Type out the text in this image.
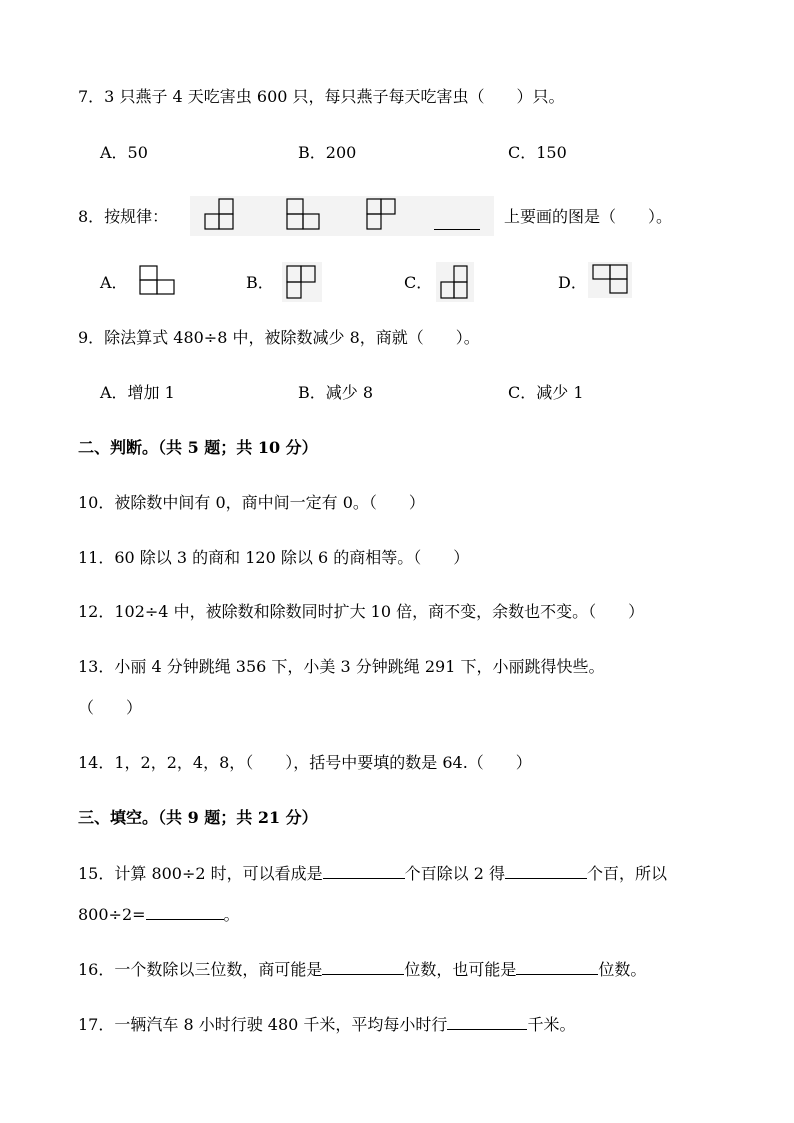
7．3 只燕子 4 天吃害虫 600 只，每只燕子每天吃害虫（　　）只。
A．50	B．200	C．150
8．按规律：	上要画的图是（　　）。
A．	B．	C．	D．
9．除法算式 480÷8 中，被除数减少 8，商就（　　）。
A．增加 1	B．减少 8	C．减少 1
二、判断。（共 5 题；共 10 分）
10．被除数中间有 0，商中间一定有 0。（　　）
11．60 除以 3 的商和 120 除以 6 的商相等。（　　）
12．102÷4 中，被除数和除数同时扩大 10 倍，商不变，余数也不变。（　　）
13．小丽 4 分钟跳绳 356 下，小美 3 分钟跳绳 291 下，小丽跳得快些。
（　　）
14．1，2，2，4，8，（　　），括号中要填的数是 64.（　　）
三、填空。（共 9 题；共 21 分）
15．计算 800÷2 时，可以看成是	个百除以 2 得	个百，所以
800÷2=	。
16．一个数除以三位数，商可能是	位数，也可能是	位数。
17．一辆汽车 8 小时行驶 480 千米，平均每小时行	千米。
